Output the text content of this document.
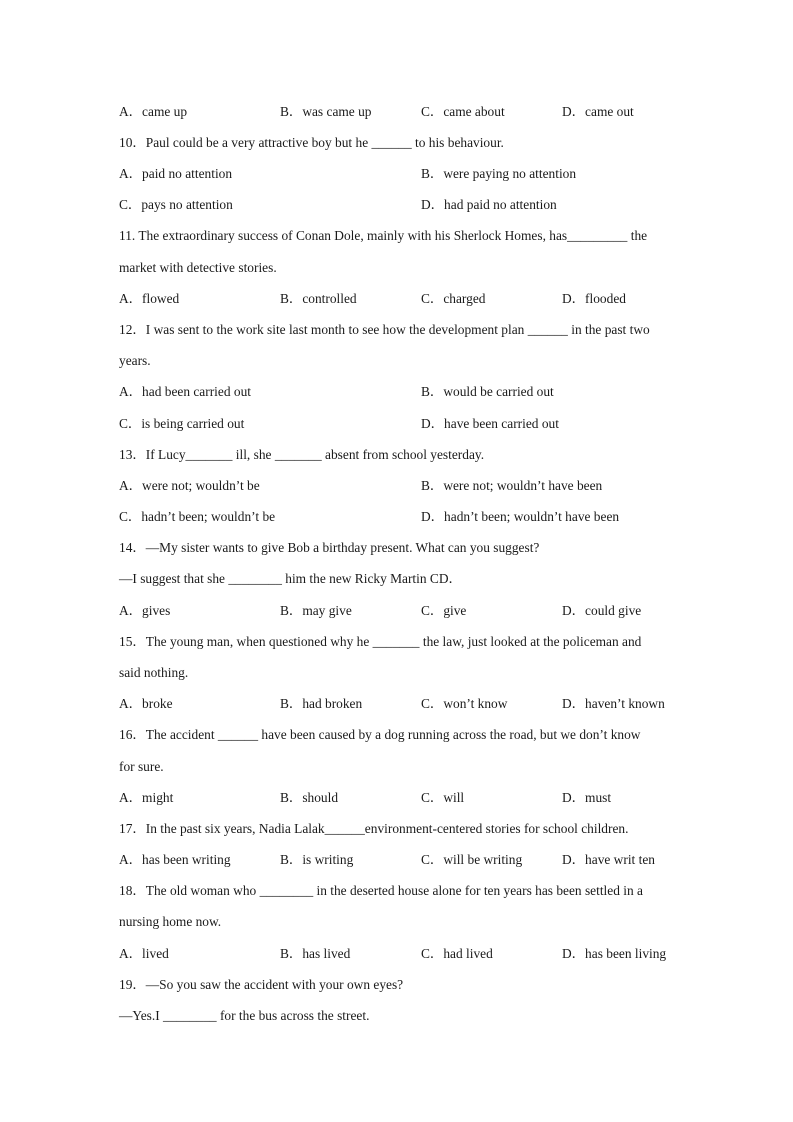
A．came up	B．was came up	C．came about	D．came out
10．Paul could be a very attractive boy but he ______ to his behaviour.
A．paid no attention	B．were paying no attention
C．pays no attention	D．had paid no attention
11. The extraordinary success of Conan Dole, mainly with his Sherlock Homes, has_________ the
market with detective stories.
A．flowed	B．controlled	C．charged	D．flooded
12．I was sent to the work site last month to see how the development plan ______ in the past two
years.
A．had been carried out	B．would be carried out
C．is being carried out	D．have been carried out
13．If Lucy_______ ill, she _______ absent from school yesterday.
A．were not; wouldn’t be	B．were not; wouldn’t have been
C．hadn’t been; wouldn’t be	D．hadn’t been; wouldn’t have been
14．—My sister wants to give Bob a birthday present. What can you suggest?
—I suggest that she ________ him the new Ricky Martin CD．
A．gives	B．may give	C．give	D．could give
15．The young man, when questioned why he _______ the law, just looked at the policeman and
said nothing.
A．broke	B．had broken	C．won’t know	D．haven’t known
16．The accident ______ have been caused by a dog running across the road, but we don’t know
for sure.
A．might	B．should	C．will	D．must
17．In the past six years, Nadia Lalak______environment-centered stories for school children.
A．has been writing	B．is writing	C．will be writing	D．have writ ten
18．The old woman who ________ in the deserted house alone for ten years has been settled in a
nursing home now.
A．lived	B．has lived	C．had lived	D．has been living
19．—So you saw the accident with your own eyes?
—Yes.I ________ for the bus across the street.
